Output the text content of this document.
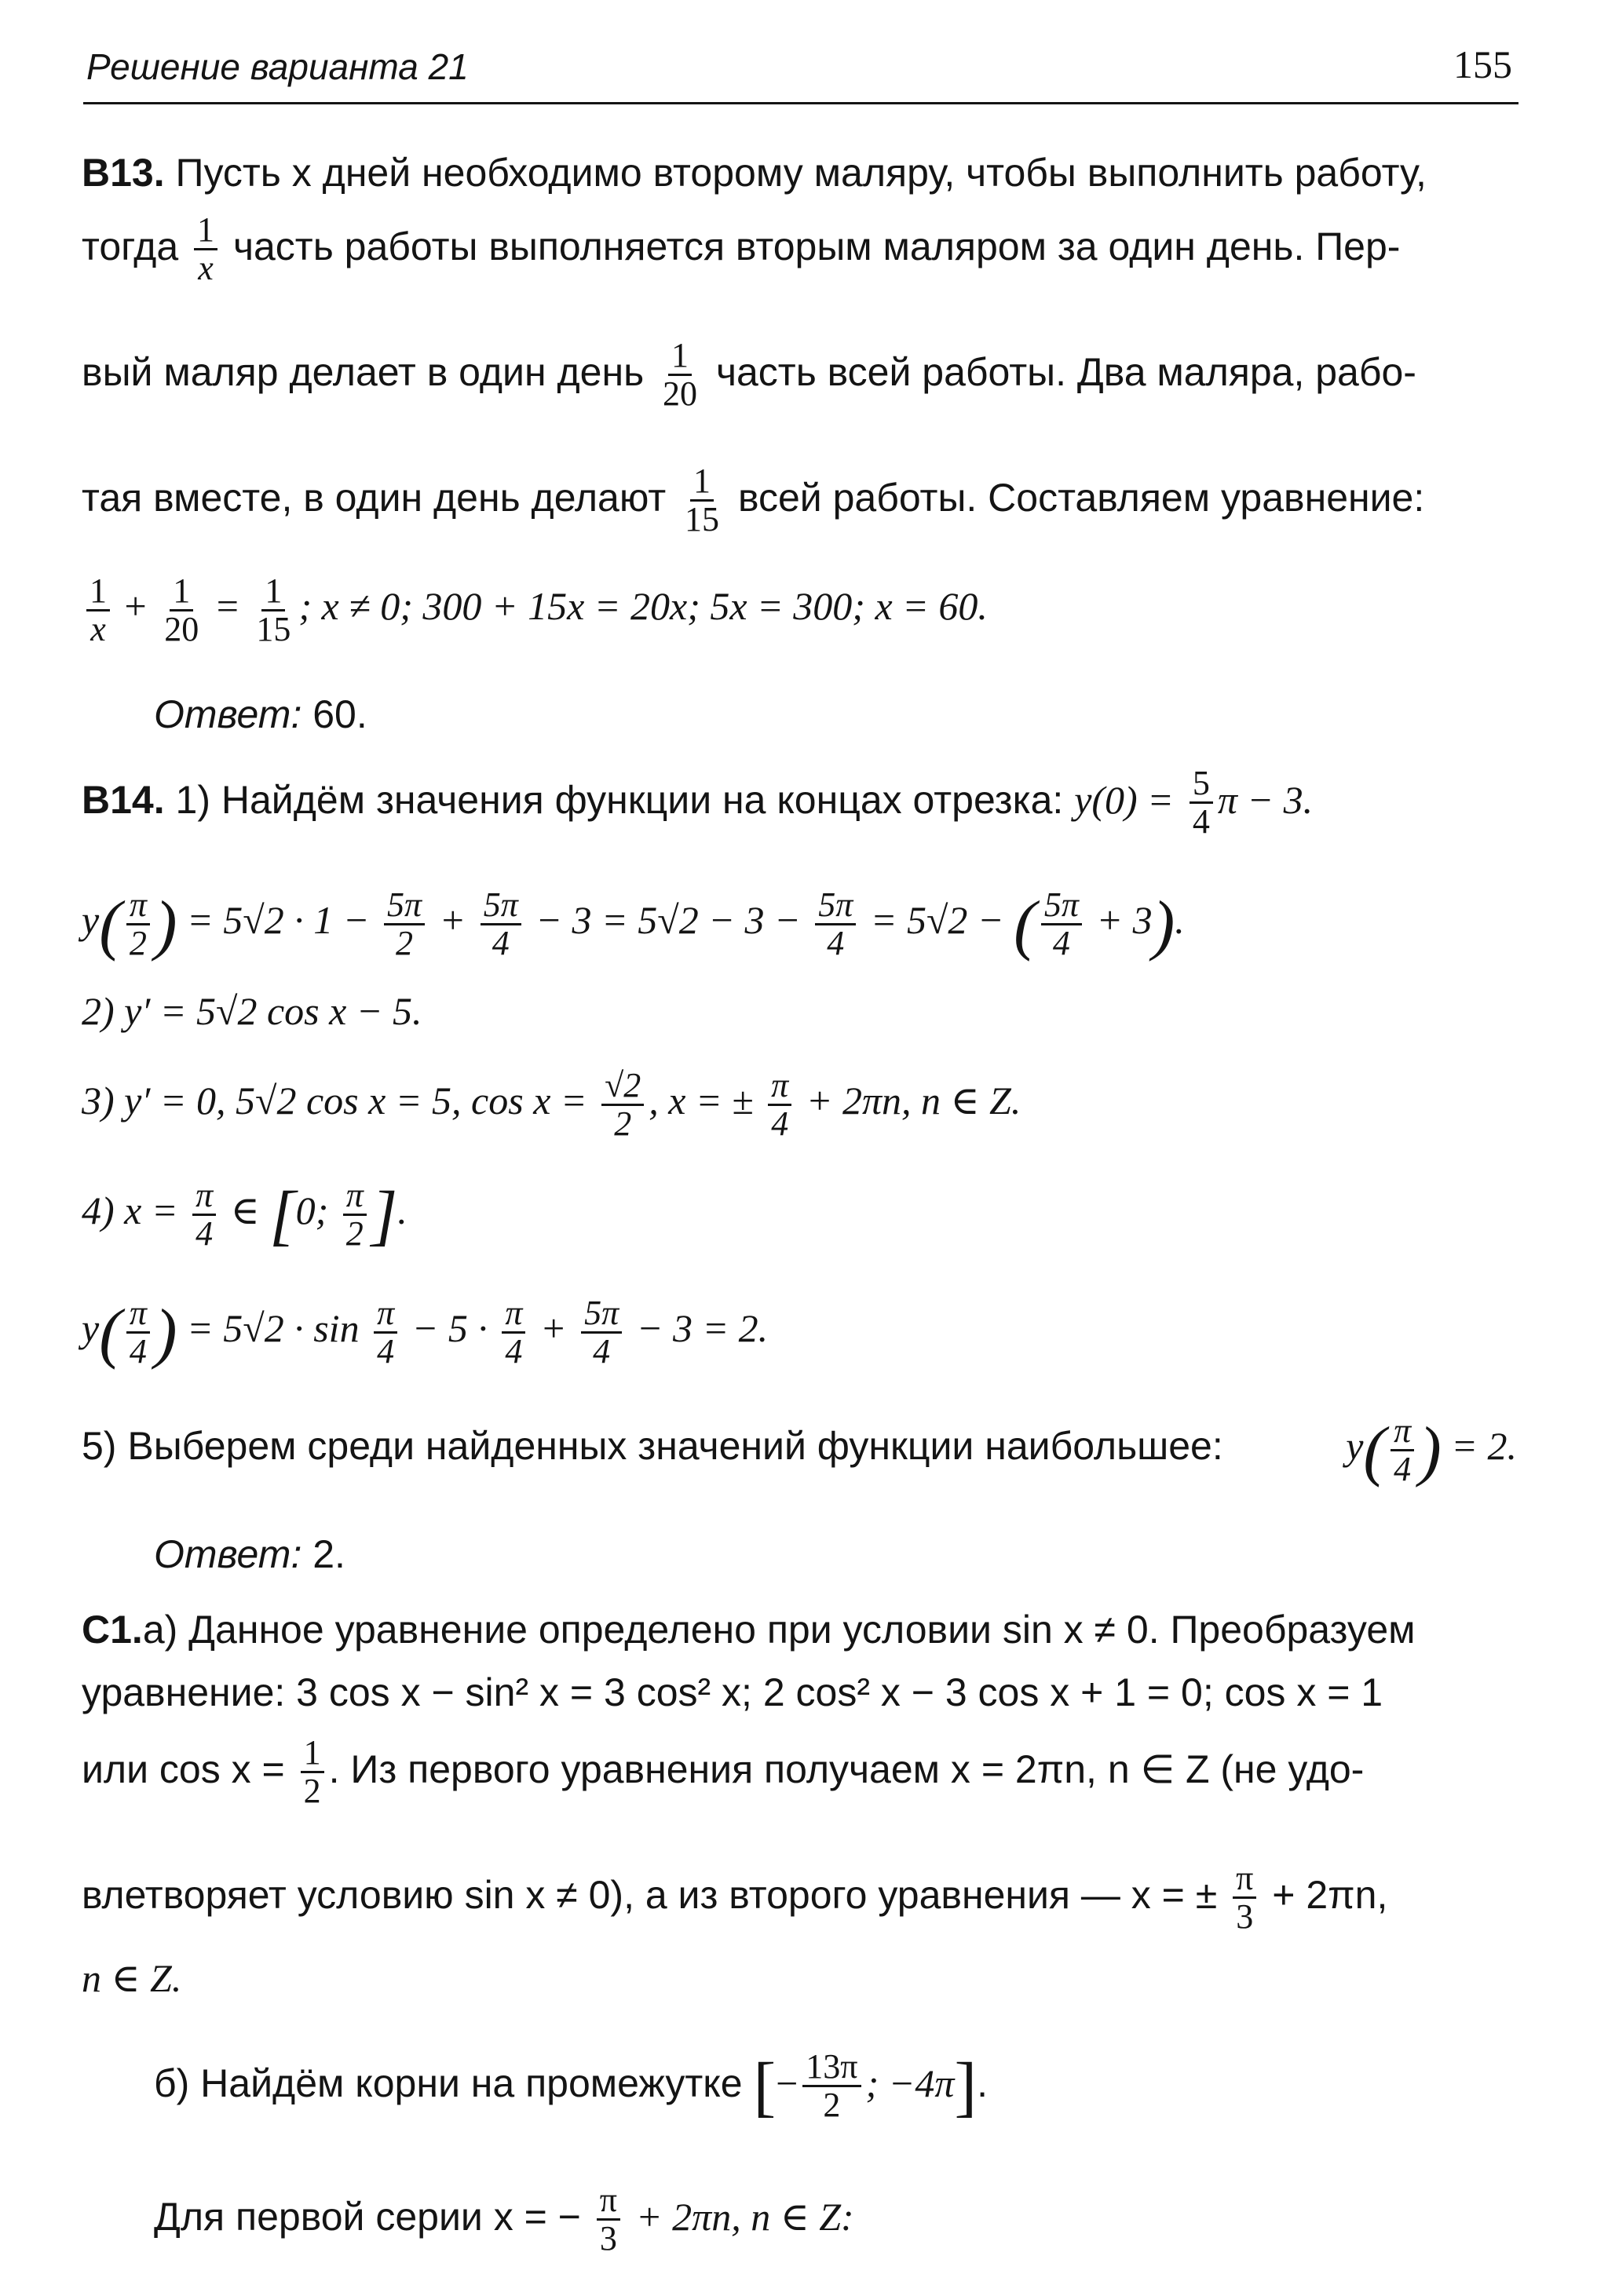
Решение варианта 21	155
B13. Пусть x дней необходимо второму маляру, чтобы выполнить работу,
тогда $\frac{1}{x}$ часть работы выполняется вторым маляром за один день. Пер-
вый маляр делает в один день $\frac{1}{20}$ часть всей работы. Два маляра, рабо-
тая вместе, в один день делают $\frac{1}{15}$ всей работы. Составляем уравнение:
$\frac{1}{x} + \frac{1}{20} = \frac{1}{15}$ ; x ≠ 0; 300 + 15x = 20x; 5x = 300; x = 60.
Ответ: 60.
B14. 1) Найдём значения функции на концах отрезка: $y(0) = \frac{5}{4}$ π − 3.
$y( \frac{\pi}{2}$ ) = $5√2 \cdot 1 - \frac{5\pi}{2} + \frac{5\pi}{4} - 3 = 5√2 - 3 - \frac{5\pi}{4} = 5√2$ − ( $\frac{5\pi}{4} + 3$).
2) y′ = 5√2 cos x − 5.
3) y′ = 0, 5√2 cos x = 5, $\cos x = \frac{√2}{2}$ , x = ± $\frac{\pi}{4} + 2\pi n$, n ∈ Z.
4) $x = \frac{\pi}{4}$ ∈ [0; $\frac{\pi}{2}$ ].
$y( \frac{\pi}{4}$ ) = $5√2 \cdot \sin \frac{\pi}{4} - 5 \cdot \frac{\pi}{4} + \frac{5\pi}{4} - 3 = 2$.
5) Выберем среди найденных значений функции наибольшее:	$y( \frac{\pi}{4}$ ) = 2.
Ответ: 2.
C1.а) Данное уравнение определено при условии sin x ≠ 0. Преобразуем
уравнение: 3 cos x − sin² x = 3 cos² x; 2 cos² x − 3 cos x + 1 = 0; cos x = 1
или $\cos x = \frac{1}{2}$ . Из первого уравнения получаем x = 2πn, n ∈ Z (не удо-
влетворяет условию sin x ≠ 0), а из второго уравнения — x = ± $\frac{\pi}{3} + 2\pi n$,
n ∈ Z.
б) Найдём корни на промежутке [− $\frac{13\pi}{2}$ ; −4π].
Для первой серии x = − $\frac{\pi}{3} + 2\pi n$, n ∈ Z:
